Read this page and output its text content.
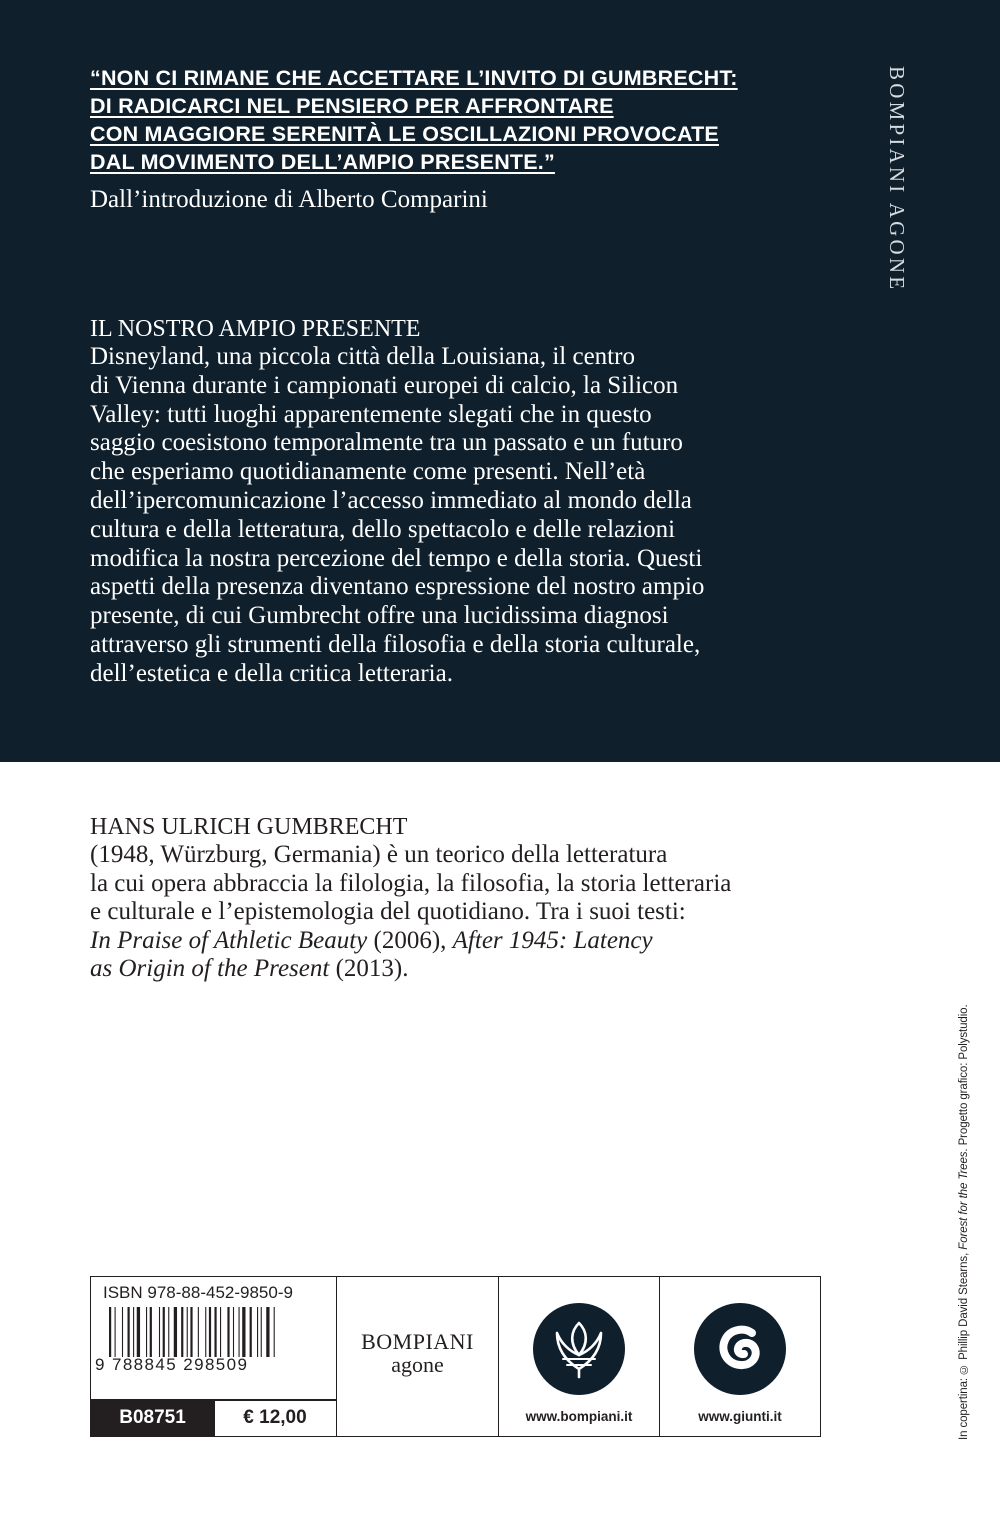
“NON CI RIMANE CHE ACCETTARE L’INVITO DI GUMBRECHT:
DI RADICARCI NEL PENSIERO PER AFFRONTARE
CON MAGGIORE SERENITÀ LE OSCILLAZIONI PROVOCATE
DAL MOVIMENTO DELL’AMPIO PRESENTE.”
Dall’introduzione di Alberto Comparini	BOMPIANI AGONE
IL NOSTRO AMPIO PRESENTE
Disneyland, una piccola città della Louisiana, il centro
di Vienna durante i campionati europei di calcio, la Silicon
Valley: tutti luoghi apparentemente slegati che in questo
saggio coesistono temporalmente tra un passato e un futuro
che esperiamo quotidianamente come presenti. Nell’età
dell’ipercomunicazione l’accesso immediato al mondo della
cultura e della letteratura, dello spettacolo e delle relazioni
modifica la nostra percezione del tempo e della storia. Questi
aspetti della presenza diventano espressione del nostro ampio
presente, di cui Gumbrecht offre una lucidissima diagnosi
attraverso gli strumenti della filosofia e della storia culturale,
dell’estetica e della critica letteraria.
HANS ULRICH GUMBRECHT
(1948, Würzburg, Germania) è un teorico della letteratura
la cui opera abbraccia la filologia, la filosofia, la storia letteraria
e culturale e l’epistemologia del quotidiano. Tra i suoi testi:
In Praise of Athletic Beauty (2006), After 1945: Latency
as Origin of the Present (2013).
In copertina: © Phillip David Stearns, Forest for the Trees. Progetto grafico: Polystudio.
ISBN 978-88-452-9850-9
9 788845 298509
B08751	€ 12,00
BOMPIANI
agone
www.bompiani.it	www.giunti.it
